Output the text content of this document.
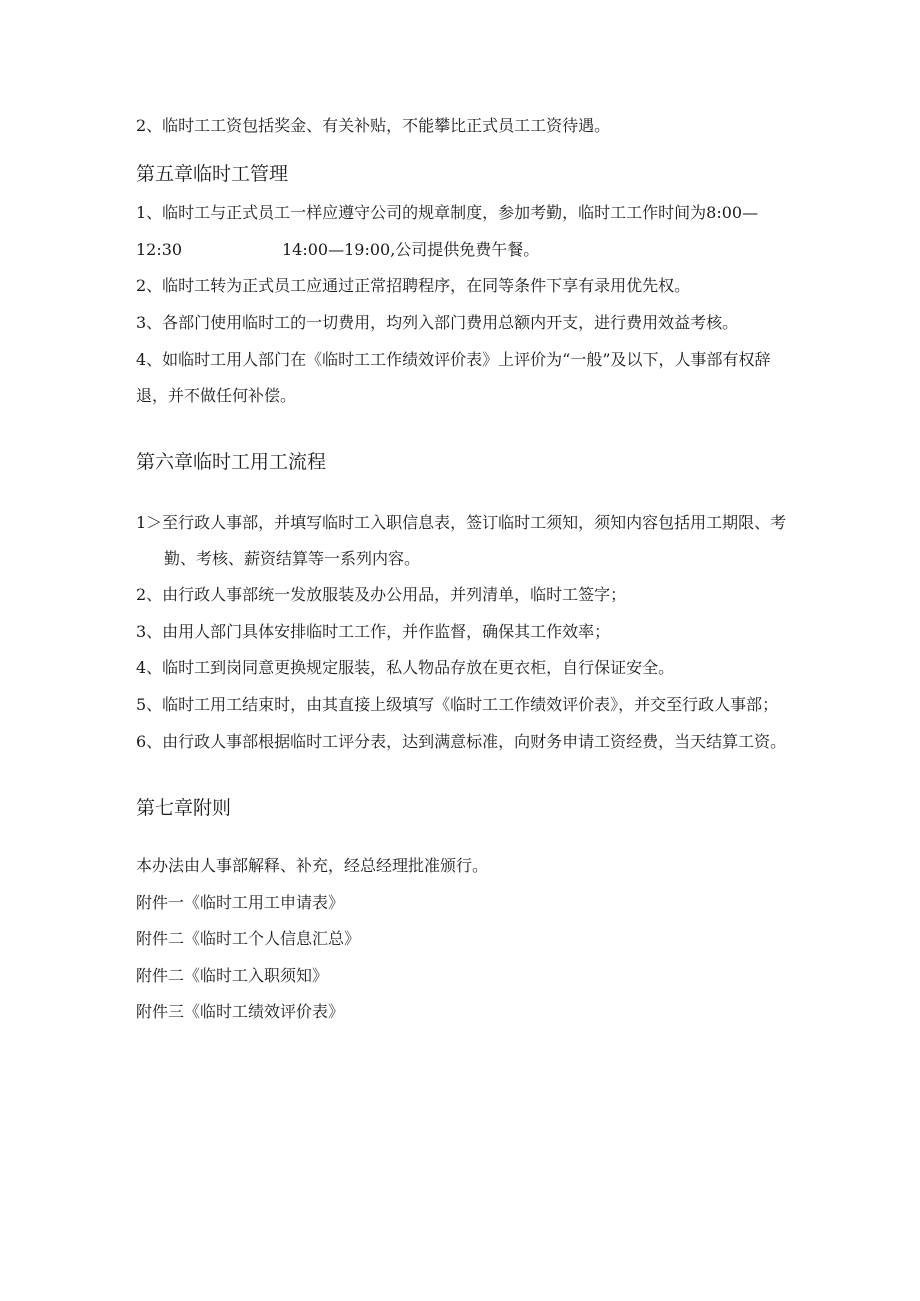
2、临时工工资包括奖金、有关补贴，不能攀比正式员工工资待遇。

第五章临时工管理

1、临时工与正式员工一样应遵守公司的规章制度，参加考勤，临时工工作时间为8:00—

12:30	14:00—19:00,公司提供免费午餐。

2、临时工转为正式员工应通过正常招聘程序，在同等条件下享有录用优先权。

3、各部门使用临时工的一切费用，均列入部门费用总额内开支，进行费用效益考核。

4、如临时工用人部门在《临时工工作绩效评价表》上评价为“一般”及以下，人事部有权辞

退，并不做任何补偿。

第六章临时工用工流程

1＞至行政人事部，并填写临时工入职信息表，签订临时工须知，须知内容包括用工期限、考

勤、考核、薪资结算等一系列内容。

2、由行政人事部统一发放服装及办公用品，并列清单，临时工签字；

3、由用人部门具体安排临时工工作，并作监督，确保其工作效率；

4、临时工到岗同意更换规定服装，私人物品存放在更衣柜，自行保证安全。

5、临时工用工结束时，由其直接上级填写《临时工工作绩效评价表》，并交至行政人事部；

6、由行政人事部根据临时工评分表，达到满意标准，向财务申请工资经费，当天结算工资。

第七章附则

本办法由人事部解释、补充，经总经理批准颁行。

附件一《临时工用工申请表》

附件二《临时工个人信息汇总》

附件二《临时工入职须知》

附件三《临时工绩效评价表》
